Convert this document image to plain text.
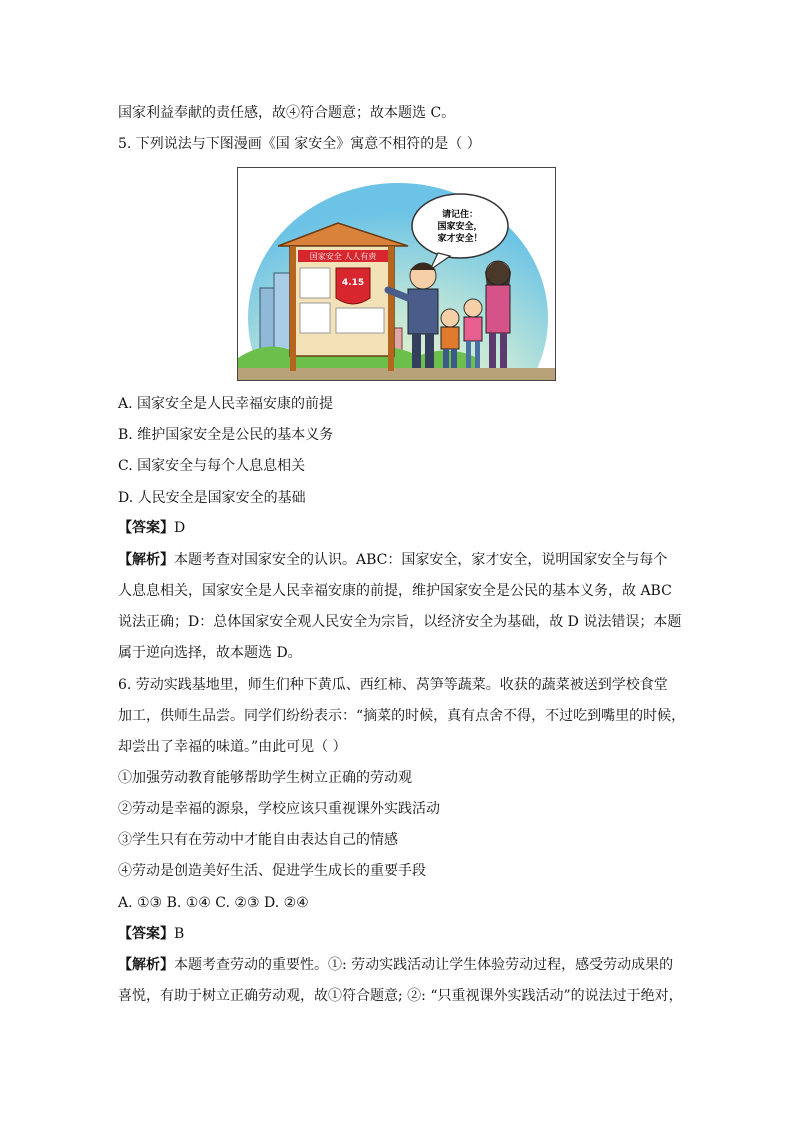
国家利益奉献的责任感，故④符合题意；故本题选 C。
5. 下列说法与下图漫画《国 家安全》寓意不相符的是（ ）
国家安全 人人有责
4.15
请记住：
国家安全，
家才安全！
A. 国家安全是人民幸福安康的前提
B. 维护国家安全是公民的基本义务
C. 国家安全与每个人息息相关
D. 人民安全是国家安全的基础
【答案】D
【解析】本题考查对国家安全的认识。ABC：国家安全，家才安全，说明国家安全与每个
人息息相关，国家安全是人民幸福安康的前提，维护国家安全是公民的基本义务，故 ABC
说法正确；D：总体国家安全观人民安全为宗旨，以经济安全为基础，故 D 说法错误；本题
属于逆向选择，故本题选 D。
6. 劳动实践基地里，师生们种下黄瓜、西红柿、莴笋等蔬菜。收获的蔬菜被送到学校食堂
加工，供师生品尝。同学们纷纷表示：“摘菜的时候，真有点舍不得，不过吃到嘴里的时候，
却尝出了幸福的味道。”由此可见（ ）
①加强劳动教育能够帮助学生树立正确的劳动观
②劳动是幸福的源泉，学校应该只重视课外实践活动
③学生只有在劳动中才能自由表达自己的情感
④劳动是创造美好生活、促进学生成长的重要手段
A. ①③ B. ①④ C. ②③ D. ②④
【答案】B
【解析】本题考查劳动的重要性。①: 劳动实践活动让学生体验劳动过程，感受劳动成果的
喜悦，有助于树立正确劳动观，故①符合题意; ②: “只重视课外实践活动”的说法过于绝对，
